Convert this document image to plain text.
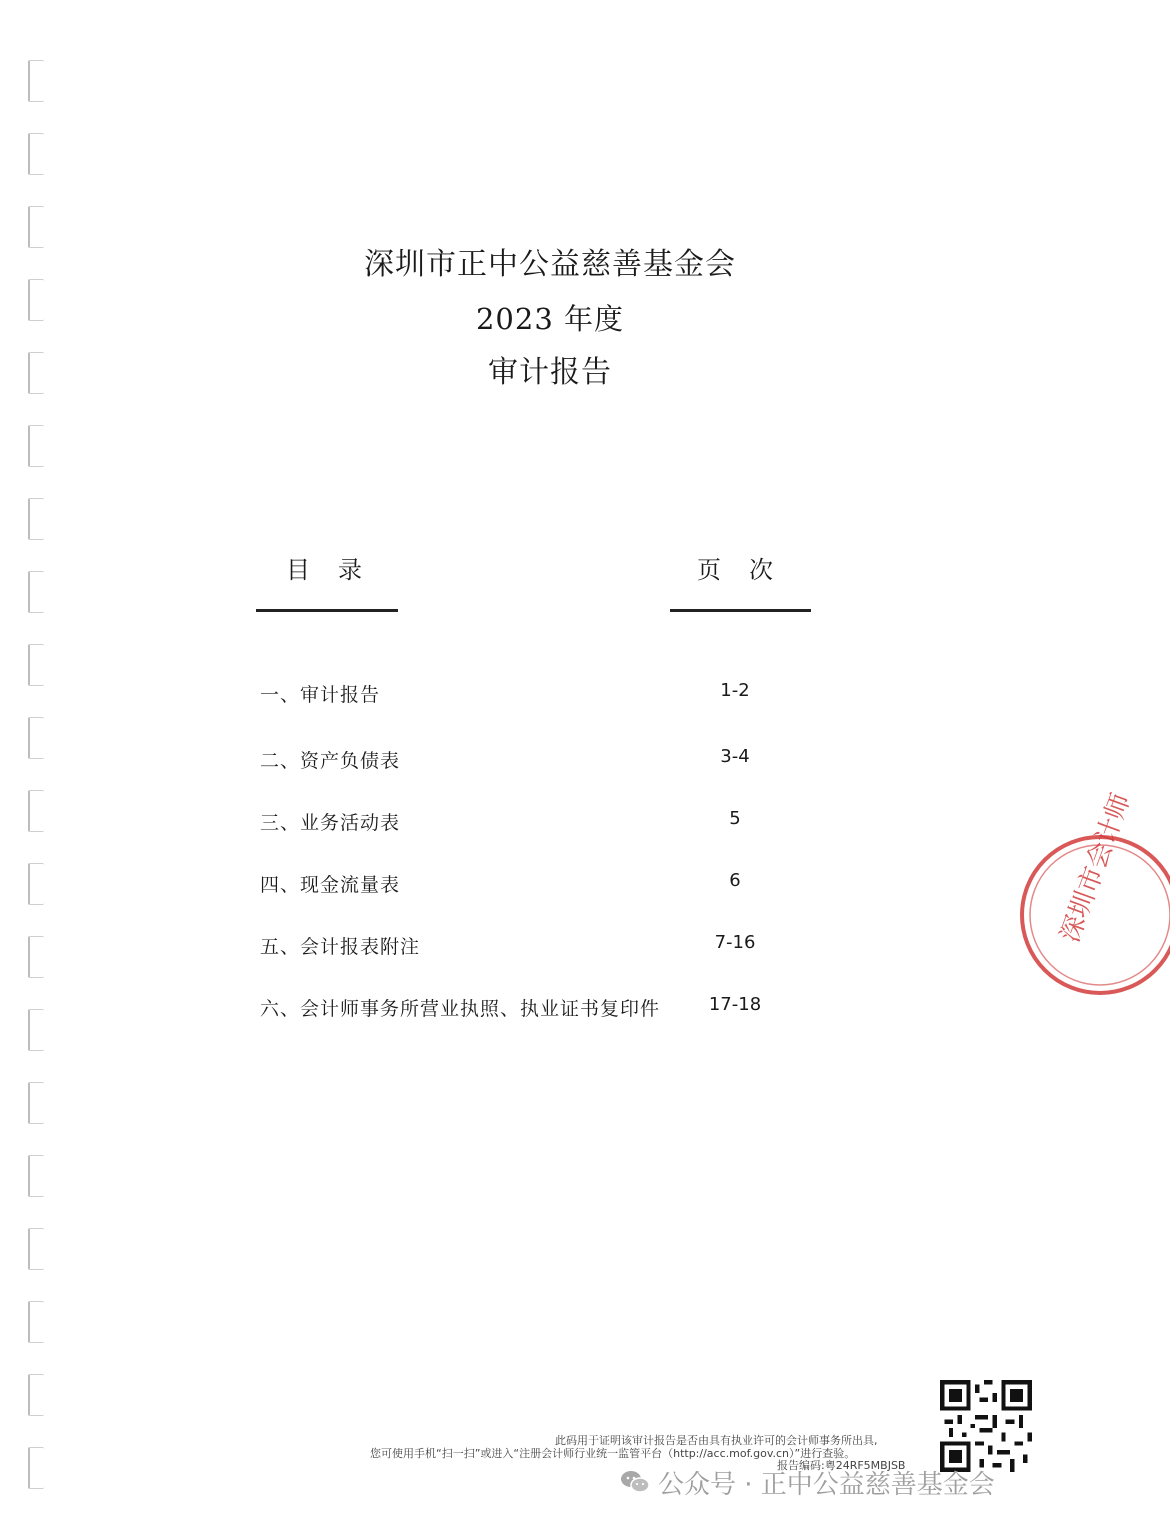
深圳市正中公益慈善基金会
2023 年度
审计报告
目录	页次
一、审计报告	1-2
二、资产负债表	3-4
三、业务活动表	5
四、现金流量表	6
五、会计报表附注	7-16
六、会计师事务所营业执照、执业证书复印件	17-18
深圳市会计师
此码用于证明该审计报告是否由具有执业许可的会计师事务所出具,
您可使用手机“扫一扫”或进入“注册会计师行业统一监管平台（http://acc.mof.gov.cn）”进行查验。
报告编码:粤24RF5MBJSB
公众号 · 正中公益慈善基金会
